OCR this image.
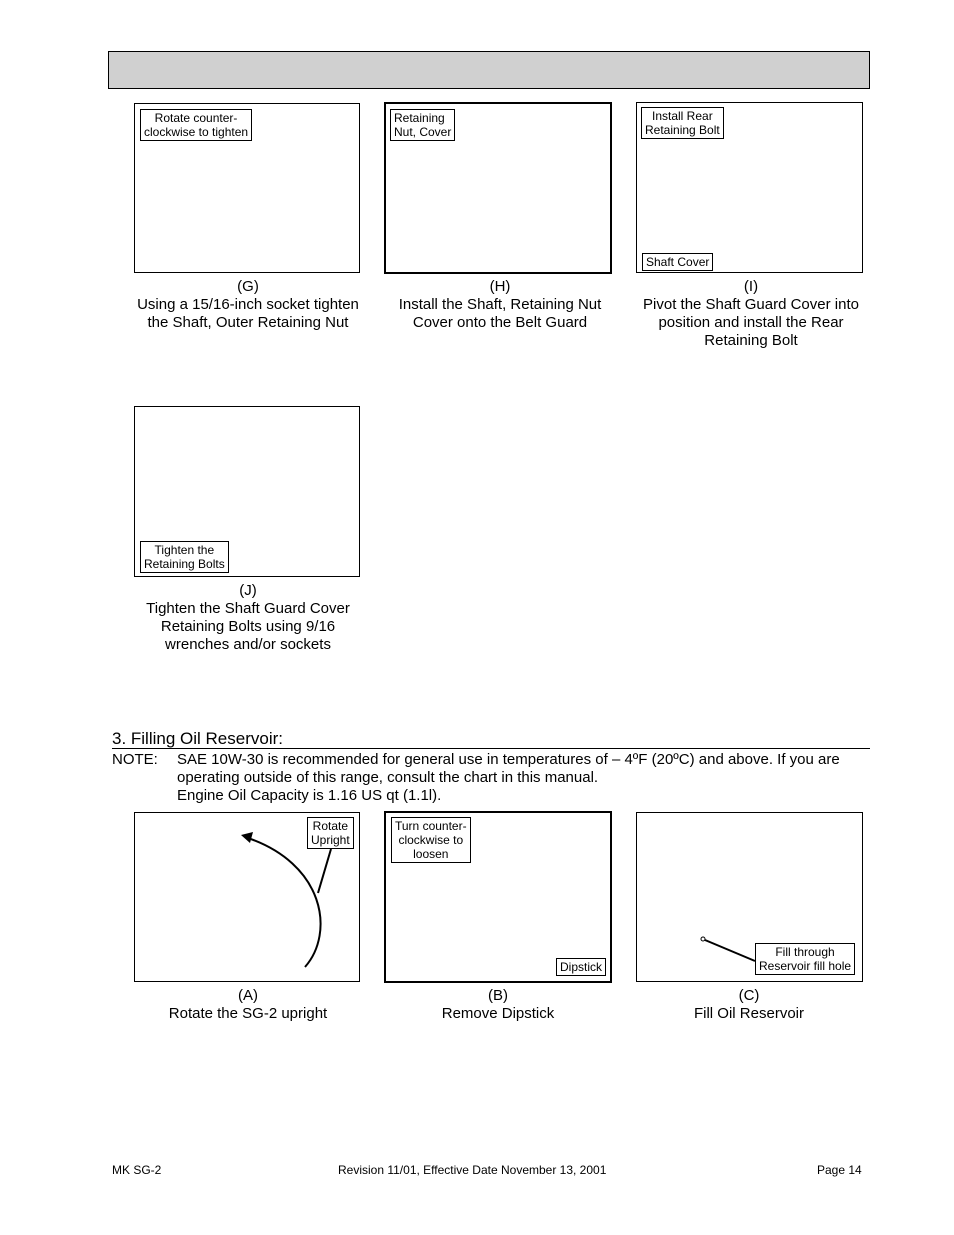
Rotate counter-
clockwise to tighten
(G)
Using a 15/16-inch socket tighten the Shaft, Outer Retaining Nut
Retaining
Nut, Cover
(H)
Install the Shaft, Retaining Nut Cover onto the Belt Guard
Install Rear
Retaining Bolt
Shaft Cover
(I)
Pivot the Shaft Guard Cover into position and install the Rear Retaining Bolt
Tighten the
Retaining Bolts
(J)
Tighten the Shaft Guard Cover Retaining Bolts using 9/16 wrenches and/or sockets
3. Filling Oil Reservoir:
NOTE: SAE 10W-30 is recommended for general use in temperatures of – 4ºF (20ºC) and above. If you are operating outside of this range, consult the chart in this manual.
Engine Oil Capacity is 1.16 US qt (1.1l).
Rotate
Upright
(A)
Rotate the SG-2 upright
Turn counter-
clockwise to
loosen
Dipstick
(B)
Remove Dipstick
Fill through
Reservoir fill hole
(C)
Fill Oil Reservoir
MK SG-2	Revision 11/01, Effective Date November 13, 2001	Page 14
